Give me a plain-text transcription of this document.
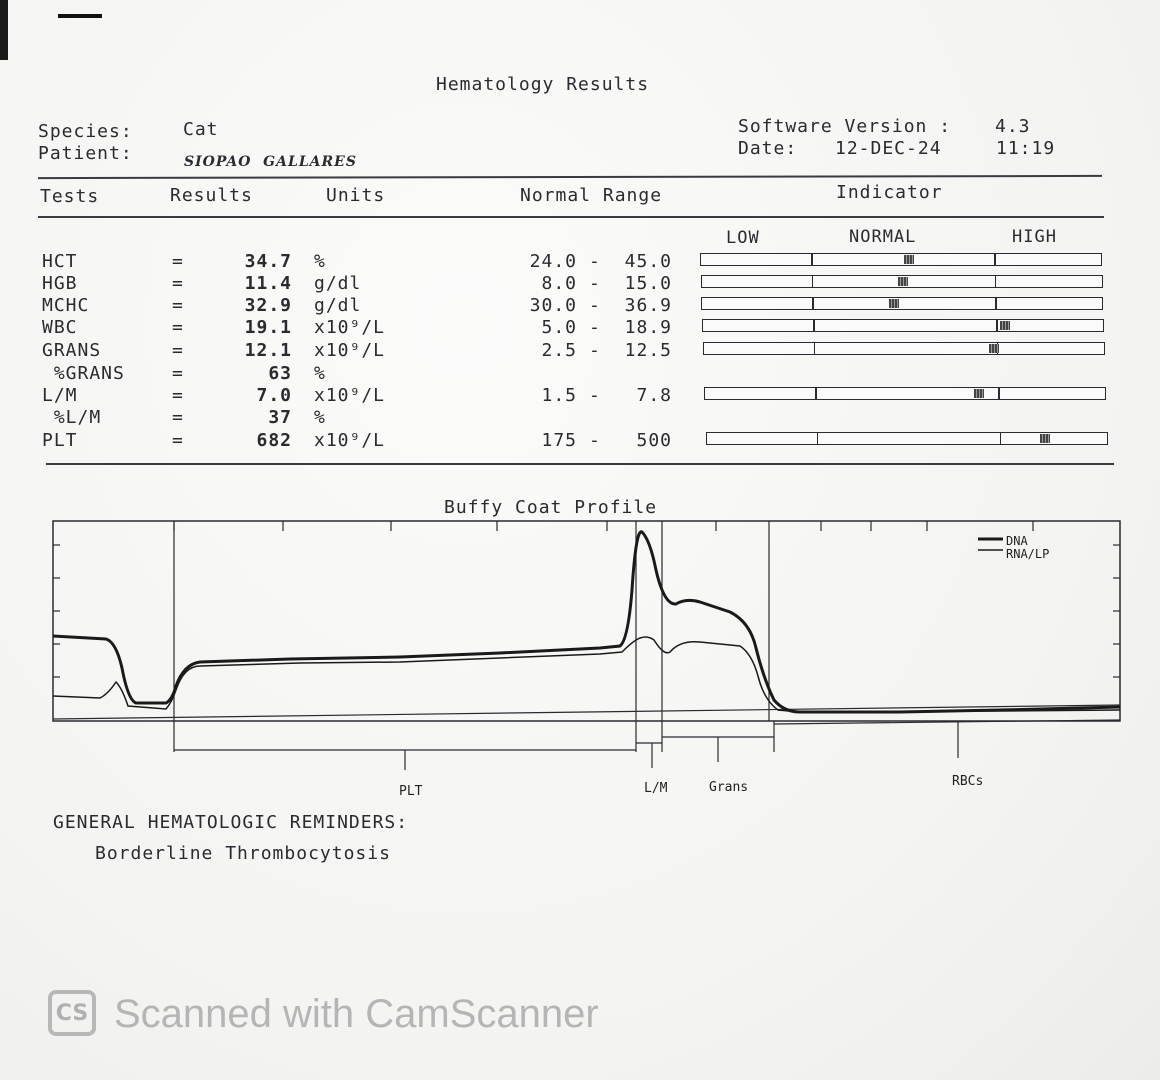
Hematology Results
Species:	Cat
Patient:	SIOPAO  GALLARES
Software Version : 4.3
Date: 12-DEC-24	11:19
Tests	Results	Units	Normal Range	Indicator
LOW	NORMAL	HIGH
HCT	=	34.7 %	24.0 - 45.0
HGB	=	11.4 g/dl	8.0 - 15.0
MCHC	=	32.9 g/dl	30.0 - 36.9
WBC	=	19.1 x10⁹/L	5.0 - 18.9
GRANS	=	12.1 x10⁹/L	2.5 - 12.5
%GRANS	=	63 %
L/M	=	7.0 x10⁹/L	1.5 - 7.8
%L/M	=	37 %
PLT	=	682 x10⁹/L	175 - 500
Buffy Coat Profile
DNA
RNA/LP
PLT	L/M	Grans	RBCs
GENERAL HEMATOLOGIC REMINDERS:
Borderline Thrombocytosis
CS Scanned with CamScanner
